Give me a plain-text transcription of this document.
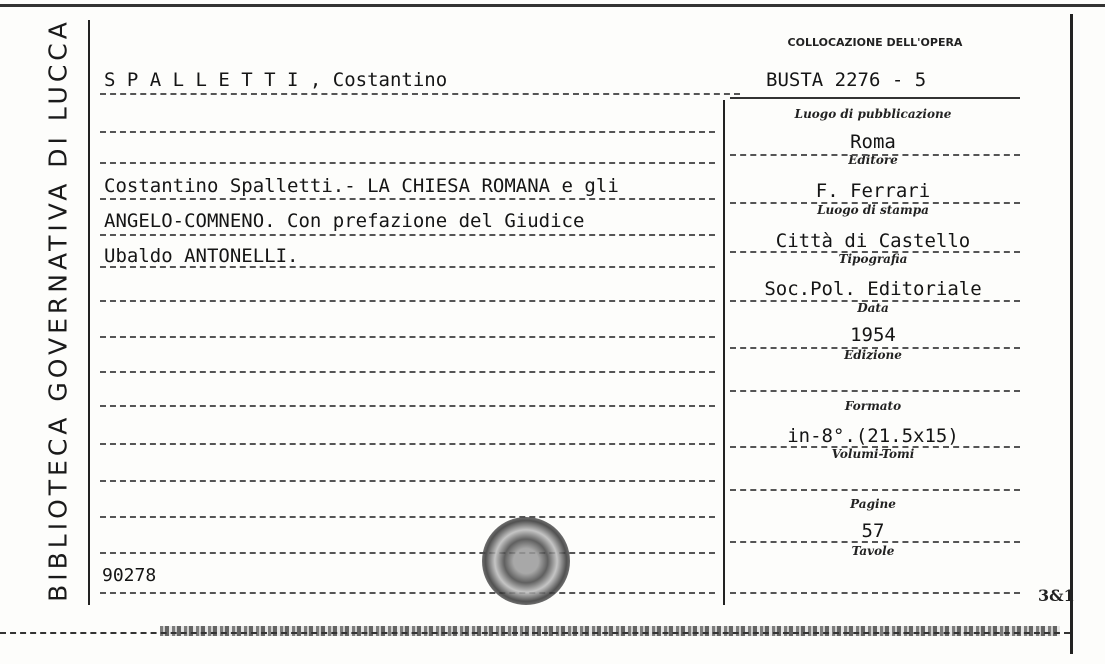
BIBLIOTECA GOVERNATIVA DI LUCCA	COLLOCAZIONE DELL'OPERA
S P A L L E T T I , Costantino	BUSTA 2276 - 5
Costantino Spalletti.- LA CHIESA ROMANA e gli
ANGELO-COMNENO. Con prefazione del Giudice
Ubaldo ANTONELLI.
90278
Luogo di pubblicazione
Roma
Editore
F. Ferrari
Luogo di stampa
Città di Castello
Tipografia
Soc.Pol. Editoriale
Data
1954
Edizione
Formato
in-8°.(21.5x15)
Volumi-Tomi
Pagine
57
Tavole
3&1
